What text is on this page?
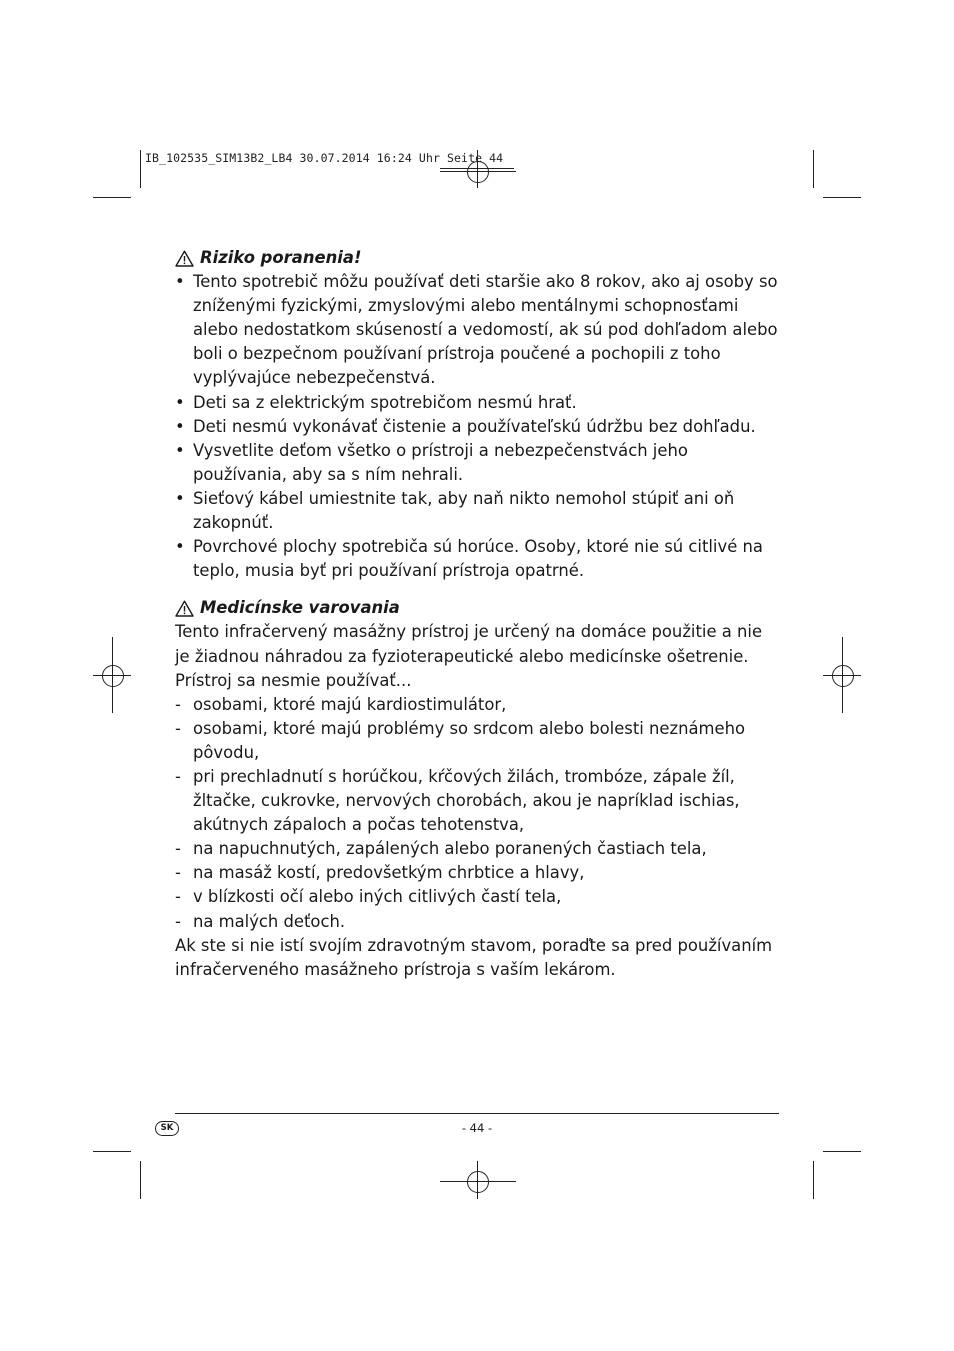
IB_102535_SIM13B2_LB4 30.07.2014 16:24 Uhr Seite 44
Riziko poranenia!
• Tento spotrebič môžu používať deti staršie ako 8 rokov, ako aj osoby so zníženými fyzickými, zmyslovými alebo mentálnymi schopnosťami alebo nedostatkom skúseností a vedomostí, ak sú pod dohľadom alebo boli o bezpečnom používaní prístroja poučené a pochopili z toho vyplývajúce nebezpečenstvá.
• Deti sa z elektrickým spotrebičom nesmú hrať.
• Deti nesmú vykonávať čistenie a používateľskú údržbu bez dohľadu.
• Vysvetlite deťom všetko o prístroji a nebezpečenstvách jeho používania, aby sa s ním nehrali.
• Sieťový kábel umiestnite tak, aby naň nikto nemohol stúpiť ani oň zakopnúť.
• Povrchové plochy spotrebiča sú horúce. Osoby, ktoré nie sú citlivé na teplo, musia byť pri používaní prístroja opatrné.
Medicínske varovania

Tento infračervený masážny prístroj je určený na domáce použitie a nie je žiadnou náhradou za fyzioterapeutické alebo medicínske ošetrenie.

Prístroj sa nesmie používať...

- osobami, ktoré majú kardiostimulátor,
- osobami, ktoré majú problémy so srdcom alebo bolesti neznámeho pôvodu,
- pri prechladnutí s horúčkou, kŕčových žilách, trombóze, zápale žíl, žltačke, cukrovke, nervových chorobách, akou je napríklad ischias, akútnych zápaloch a počas tehotenstva,
- na napuchnutých, zapálených alebo poranených častiach tela,
- na masáž kostí, predovšetkým chrbtice a hlavy,
- v blízkosti očí alebo iných citlivých častí tela,
- na malých deťoch.

Ak ste si nie istí svojím zdravotným stavom, poraďte sa pred používaním infračerveného masážneho prístroja s vaším lekárom.

SK	- 44 -
